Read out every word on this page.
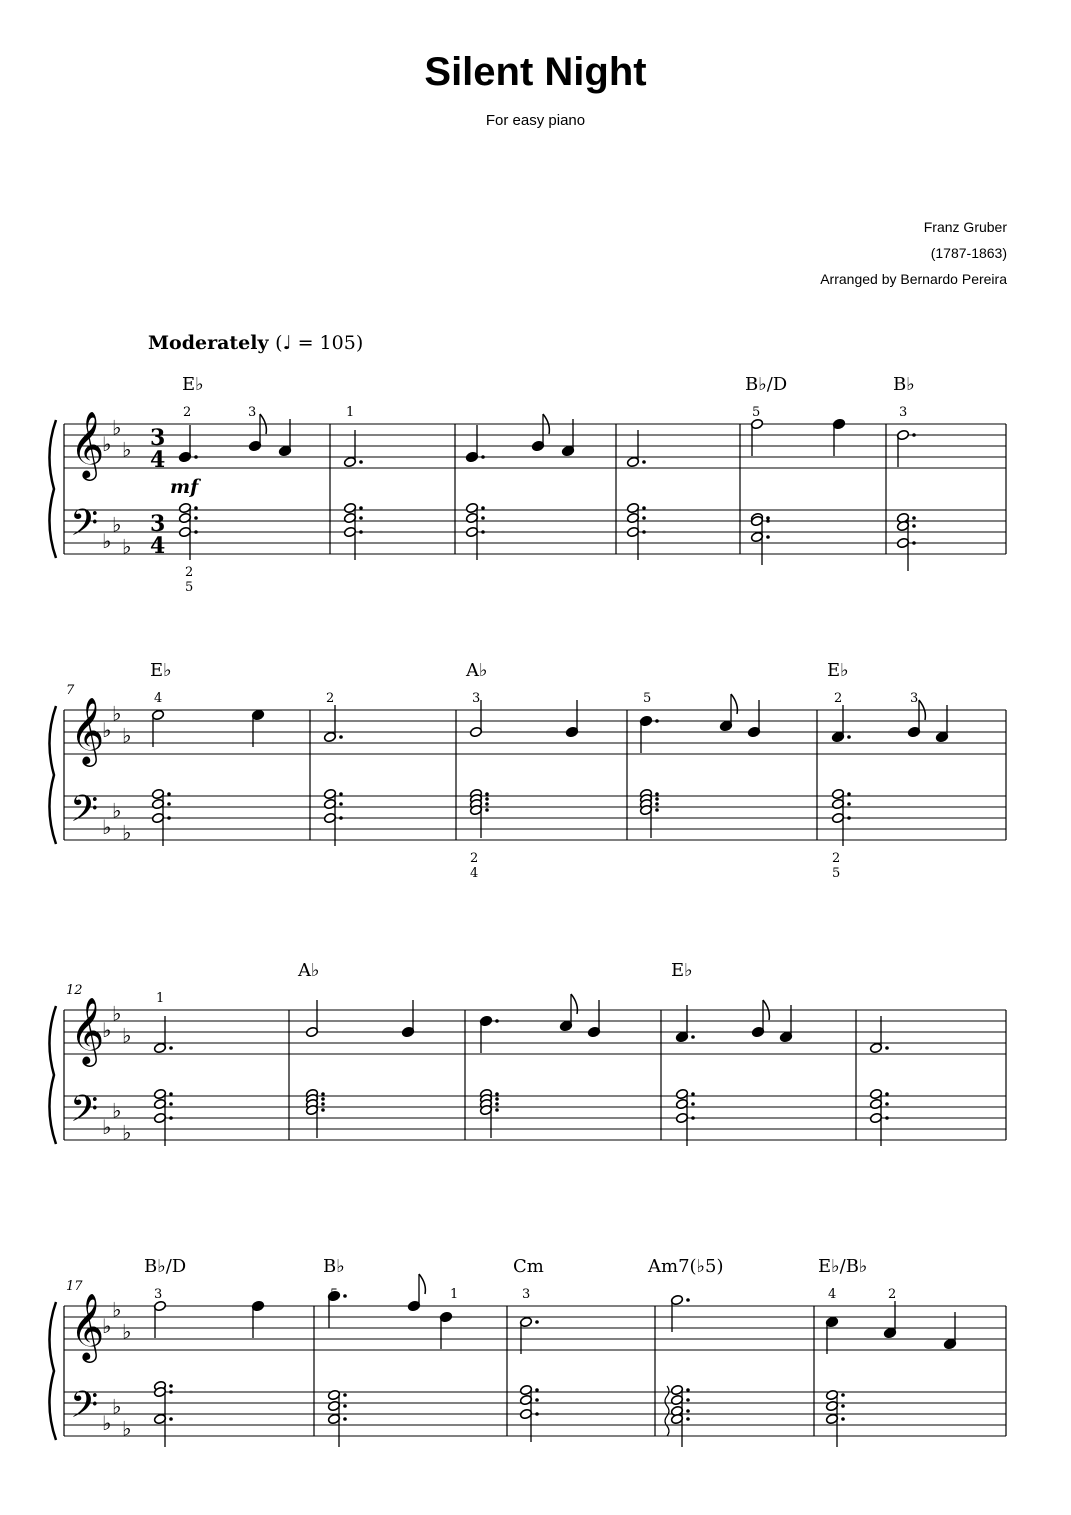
Silent Night
For easy piano
Franz Gruber
(1787-1863)
Arranged by Bernardo Pereira
Moderately (♩ = 105)
𝄞
𝄢
♭
♭
♭
♭
♭
♭
3
4
3
4
𝄞
𝄢
♭
♭
♭
♭
♭
♭
7
𝄞
𝄢
♭
♭
♭
♭
♭
♭
12
𝄞
𝄢
♭
♭
♭
♭
♭
♭
17
E♭	B♭/D	B♭
E♭	A♭	E♭
A♭	E♭
B♭/D	B♭	Cm	Am7(♭5)	E♭/B♭
2	3	1	5	3
4	2	3	5	2	3
1
3	5	1	3	4	2
2
5
2
4
2
5
mf
